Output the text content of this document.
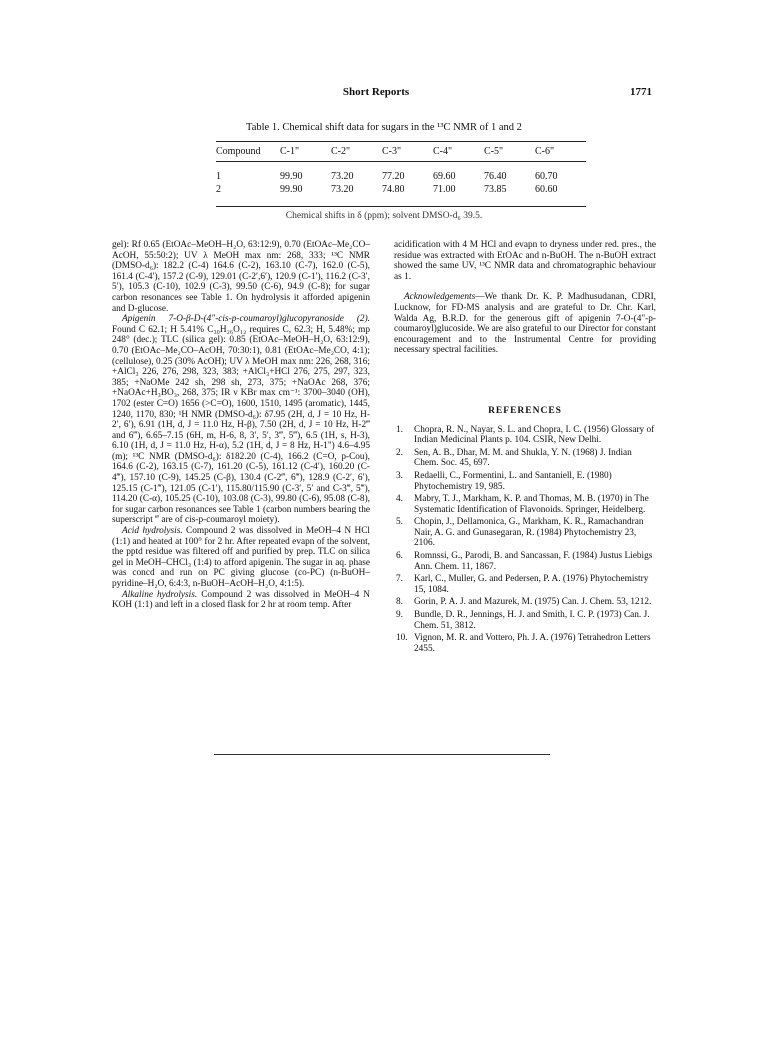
Short Reports	1771
Table 1. Chemical shift data for sugars in the ¹³C NMR of 1 and 2
Compound	C-1"	C-2"	C-3"	C-4"	C-5"	C-6"

1	99.90	73.20	77.20	69.60	76.40	60.70
2	99.90	73.20	74.80	71.00	73.85	60.60

Chemical shifts in δ (ppm); solvent DMSO-d₆ 39.5.

gel): Rf 0.65 (EtOAc–MeOH–H₂O, 63:12:9), 0.70 (EtOAc–Me₂CO–AcOH, 55:50:2); UV λ MeOH max nm: 268, 333; ¹³C NMR (DMSO-d₆): 182.2 (C-4) 164.6 (C-2), 163.10 (C-7), 162.0 (C-5), 161.4 (C-4′), 157.2 (C-9), 129.01 (C-2′,6′), 120.9 (C-1′), 116.2 (C-3′, 5′), 105.3 (C-10), 102.9 (C-3), 99.50 (C-6), 94.9 (C-8); for sugar carbon resonances see Table 1. On hydrolysis it afforded apigenin and D-glucose.

Apigenin 7-O-β-D-(4"-cis-p-coumaroyl)glucopyranoside (2). Found C 62.1; H 5.41% C₃₀H₂₆O₁₂ requires C, 62.3; H, 5.48%; mp 248° (dec.); TLC (silica gel): 0.85 (EtOAc–MeOH–H₂O, 63:12:9), 0.70 (EtOAc–Me₂CO–AcOH, 70:30:1), 0.81 (EtOAc–Me₂CO, 4:1); (cellulose), 0.25 (30% AcOH); UV λ MeOH max nm: 226, 268, 316; +AlCl₃ 226, 276, 298, 323, 383; +AlCl₃+HCl 276, 275, 297, 323, 385; +NaOMe 242 sh, 298 sh, 273, 375; +NaOAc 268, 376; +NaOAc+H₃BO₃, 268, 375; IR ν KBr max cm⁻¹: 3700–3040 (OH), 1702 (ester C=O) 1656 (>C=O), 1600, 1510, 1495 (aromatic), 1445, 1240, 1170, 830; ¹H NMR (DMSO-d₆): δ7.95 (2H, d, J = 10 Hz, H-2′, 6′), 6.91 (1H, d, J = 11.0 Hz, H-β), 7.50 (2H, d, J = 10 Hz, H-2‴ and 6‴), 6.65–7.15 (6H, m, H-6, 8, 3′, 5′, 3‴, 5‴), 6.5 (1H, s, H-3), 6.10 (1H, d, J = 11.0 Hz, H-α), 5.2 (1H, d, J = 8 Hz, H-1") 4.6–4.95 (m); ¹³C NMR (DMSO-d₆): δ182.20 (C-4), 166.2 (C=O, p-Cou), 164.6 (C-2), 163.15 (C-7), 161.20 (C-5), 161.12 (C-4′), 160.20 (C-4‴), 157.10 (C-9), 145.25 (C-β), 130.4 (C-2‴, 6‴), 128.9 (C-2′, 6′), 125.15 (C-1‴), 121.05 (C-1′), 115.80/115.90 (C-3′, 5′ and C-3‴, 5‴), 114.20 (C-α), 105.25 (C-10), 103.08 (C-3), 99.80 (C-6), 95.08 (C-8), for sugar carbon resonances see Table 1 (carbon numbers bearing the superscript ‴ are of cis-p-coumaroyl moiety).

Acid hydrolysis. Compound 2 was dissolved in MeOH–4 N HCl (1:1) and heated at 100° for 2 hr. After repeated evapn of the solvent, the pptd residue was filtered off and purified by prep. TLC on silica gel in MeOH–CHCl₃ (1:4) to afford apigenin. The sugar in aq. phase was concd and run on PC giving glucose (co-PC) (n-BuOH–pyridine–H₂O, 6:4:3, n-BuOH–AcOH–H₂O, 4:1:5).

Alkaline hydrolysis. Compound 2 was dissolved in MeOH–4 N KOH (1:1) and left in a closed flask for 2 hr at room temp. After

acidification with 4 M HCl and evapn to dryness under red. pres., the residue was extracted with EtOAc and n-BuOH. The n-BuOH extract showed the same UV, ¹³C NMR data and chromatographic behaviour as 1.

Acknowledgements—We thank Dr. K. P. Madhusudanan, CDRI, Lucknow, for FD-MS analysis and are grateful to Dr. Chr. Karl, Walda Ag, B.R.D. for the generous gift of apigenin 7-O-(4"-p-coumaroyl)glucoside. We are also grateful to our Director for constant encouragement and to the Instrumental Centre for providing necessary spectral facilities.

REFERENCES
1. Chopra, R. N., Nayar, S. L. and Chopra, I. C. (1956) Glossary of Indian Medicinal Plants p. 104. CSIR, New Delhi.
2. Sen, A. B., Dhar, M. M. and Shukla, Y. N. (1968) J. Indian Chem. Soc. 45, 697.
3. Redaelli, C., Formentini, L. and Santaniell, E. (1980) Phytochemistry 19, 985.
4. Mabry, T. J., Markham, K. P. and Thomas, M. B. (1970) in The Systematic Identification of Flavonoids. Springer, Heidelberg.
5. Chopin, J., Dellamonica, G., Markham, K. R., Ramachandran Nair, A. G. and Gunasegaran, R. (1984) Phytochemistry 23, 2106.
6. Romnssi, G., Parodi, B. and Sancassan, F. (1984) Justus Liebigs Ann. Chem. 11, 1867.
7. Karl, C., Muller, G. and Pedersen, P. A. (1976) Phytochemistry 15, 1084.
8. Gorin, P. A. J. and Mazurek, M. (1975) Can. J. Chem. 53, 1212.
9. Bundle, D. R., Jennings, H. J. and Smith, I. C. P. (1973) Can. J. Chem. 51, 3812.
10. Vignon, M. R. and Vottero, Ph. J. A. (1976) Tetrahedron Letters 2455.
